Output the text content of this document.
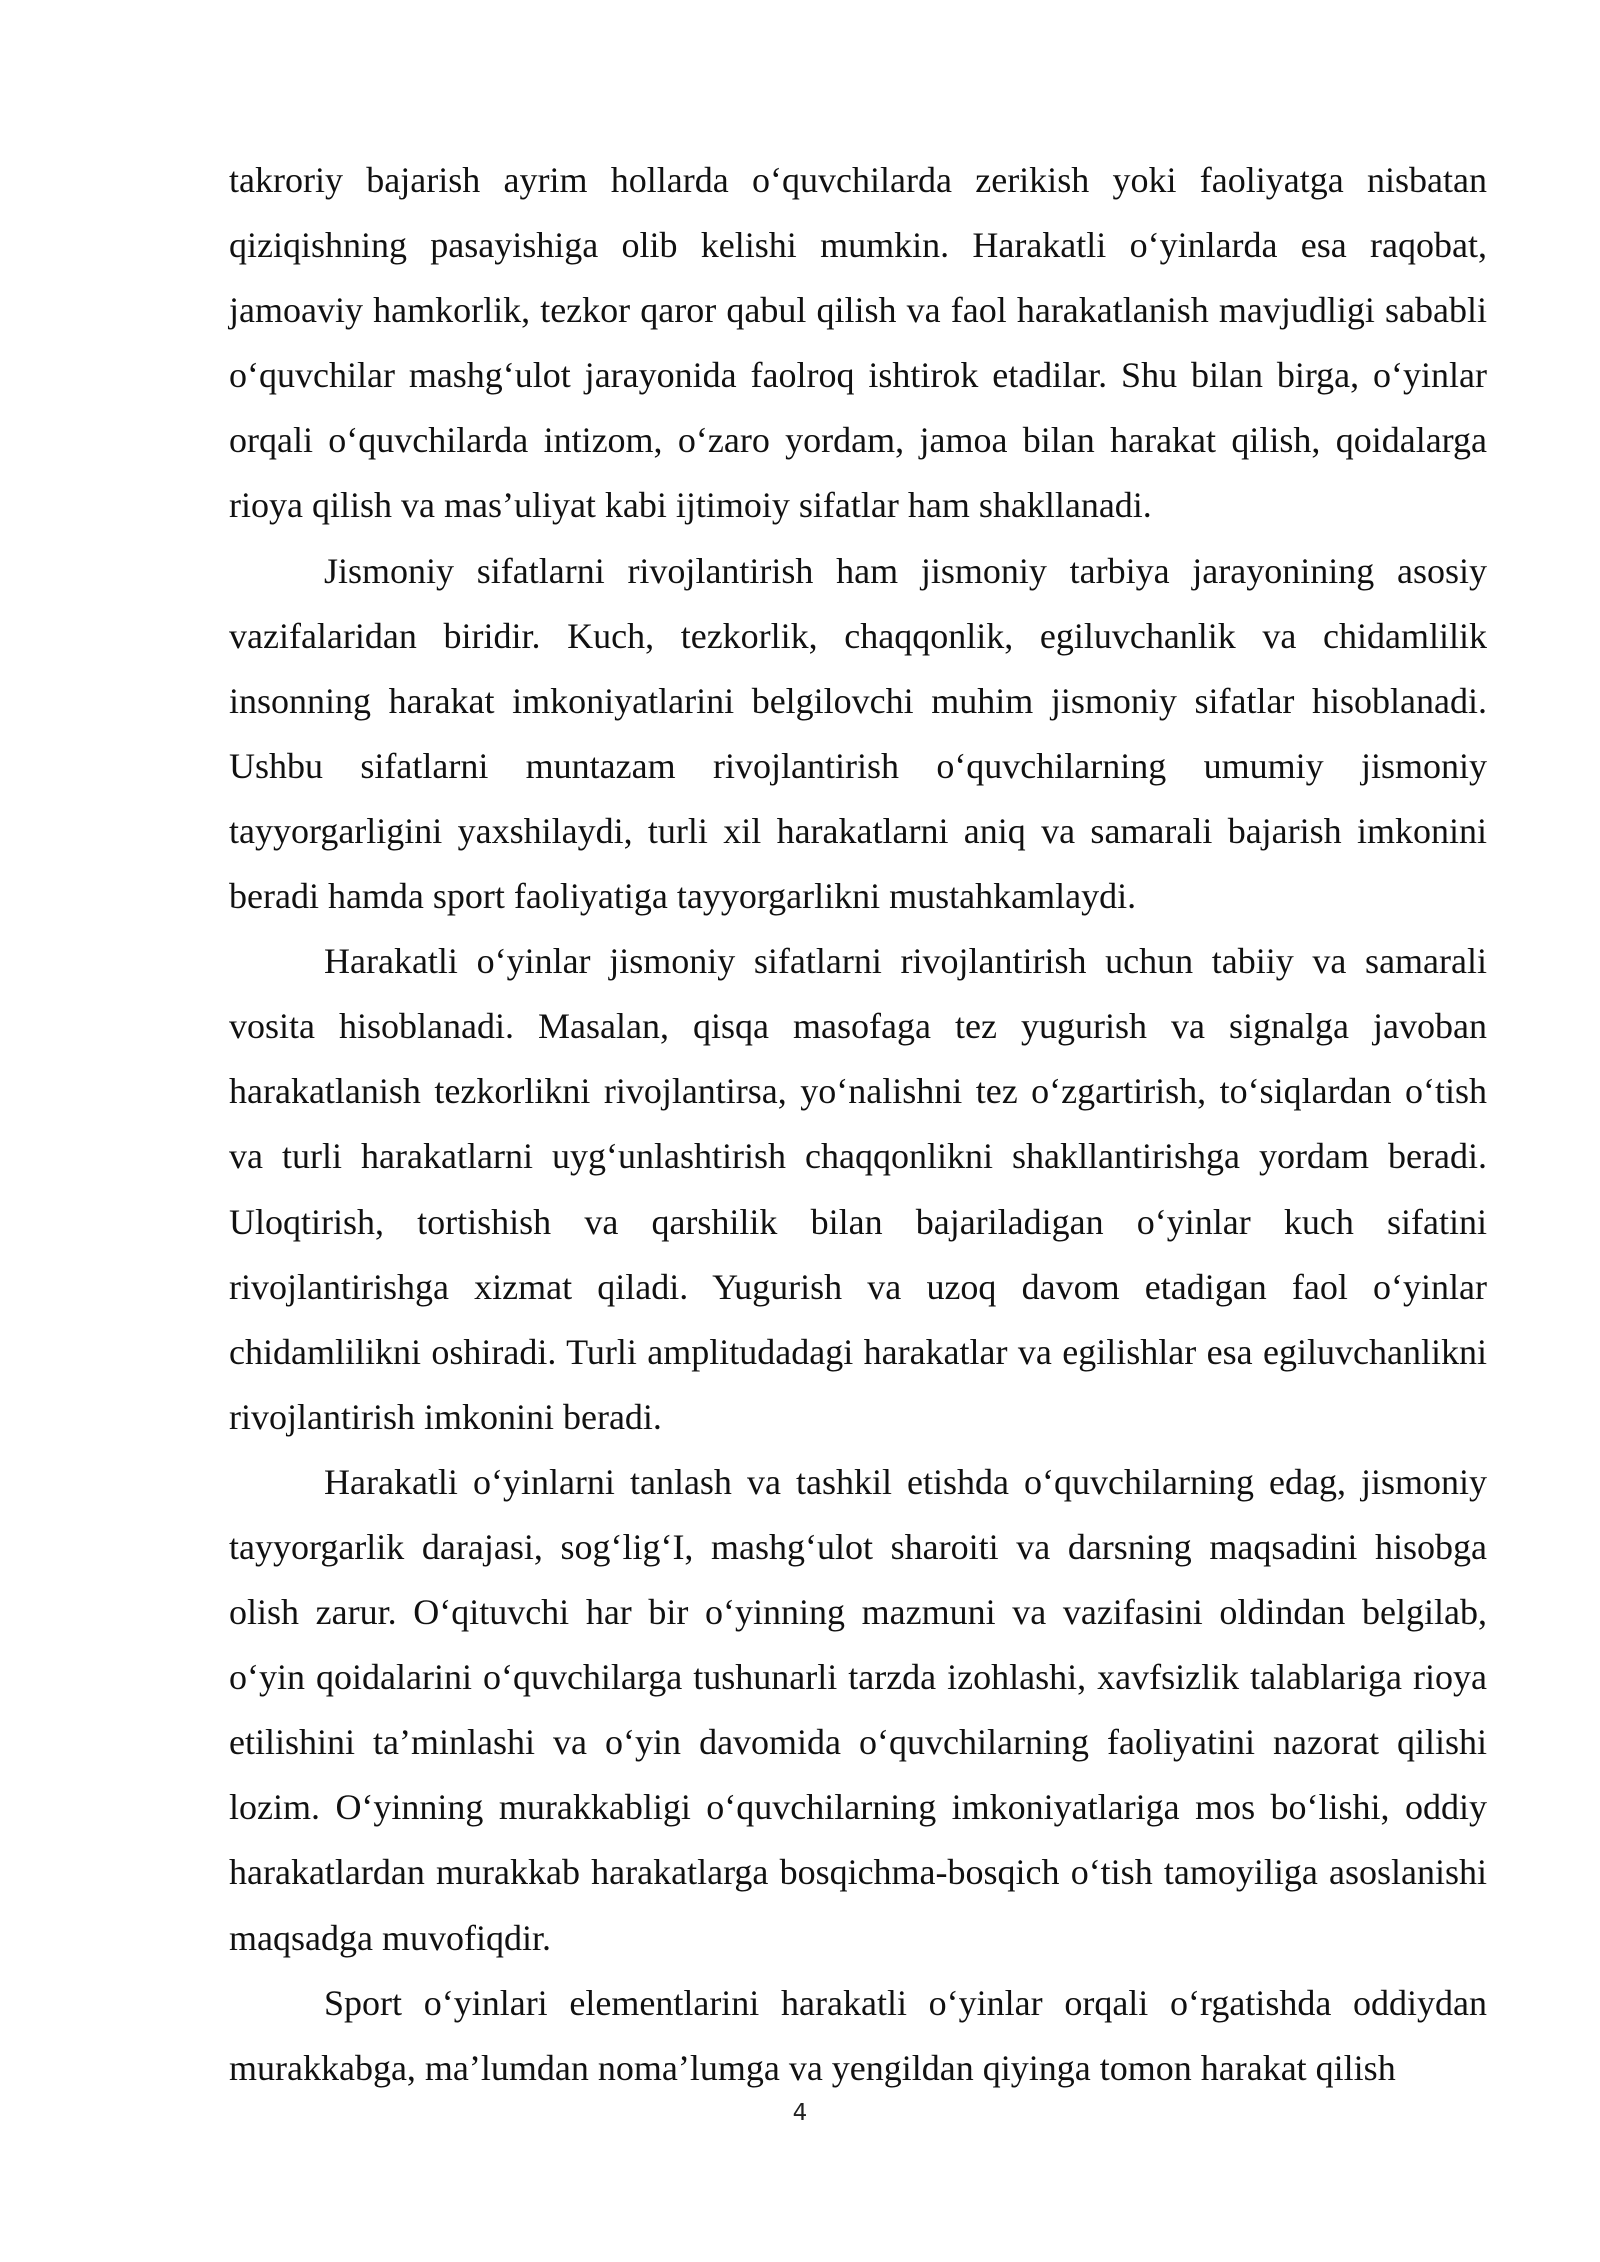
takroriy bajarish ayrim hollarda o‘quvchilarda zerikish yoki faoliyatga nisbatan qiziqishning pasayishiga olib kelishi mumkin. Harakatli o‘yinlarda esa raqobat, jamoaviy hamkorlik, tezkor qaror qabul qilish va faol harakatlanish mavjudligi sababli o‘quvchilar mashg‘ulot jarayonida faolroq ishtirok etadilar. Shu bilan birga, o‘yinlar orqali o‘quvchilarda intizom, o‘zaro yordam, jamoa bilan harakat qilish, qoidalarga rioya qilish va mas’uliyat kabi ijtimoiy sifatlar ham shakllanadi.

Jismoniy sifatlarni rivojlantirish ham jismoniy tarbiya jarayonining asosiy vazifalaridan biridir. Kuch, tezkorlik, chaqqonlik, egiluvchanlik va chidamlilik insonning harakat imkoniyatlarini belgilovchi muhim jismoniy sifatlar hisoblanadi. Ushbu sifatlarni muntazam rivojlantirish o‘quvchilarning umumiy jismoniy tayyorgarligini yaxshilaydi, turli xil harakatlarni aniq va samarali bajarish imkonini beradi hamda sport faoliyatiga tayyorgarlikni mustahkamlaydi.

Harakatli o‘yinlar jismoniy sifatlarni rivojlantirish uchun tabiiy va samarali vosita hisoblanadi. Masalan, qisqa masofaga tez yugurish va signalga javoban harakatlanish tezkorlikni rivojlantirsa, yo‘nalishni tez o‘zgartirish, to‘siqlardan o‘tish va turli harakatlarni uyg‘unlashtirish chaqqonlikni shakllantirishga yordam beradi. Uloqtirish, tortishish va qarshilik bilan bajariladigan o‘yinlar kuch sifatini rivojlantirishga xizmat qiladi. Yugurish va uzoq davom etadigan faol o‘yinlar chidamlilikni oshiradi. Turli amplitudadagi harakatlar va egilishlar esa egiluvchanlikni rivojlantirish imkonini beradi.

Harakatli o‘yinlarni tanlash va tashkil etishda o‘quvchilarning edag, jismoniy tayyorgarlik darajasi, sog‘lig‘I, mashg‘ulot sharoiti va darsning maqsadini hisobga olish zarur. O‘qituvchi har bir o‘yinning mazmuni va vazifasini oldindan belgilab, o‘yin qoidalarini o‘quvchilarga tushunarli tarzda izohlashi, xavfsizlik talablariga rioya etilishini ta’minlashi va o‘yin davomida o‘quvchilarning faoliyatini nazorat qilishi lozim. O‘yinning murakkabligi o‘quvchilarning imkoniyatlariga mos bo‘lishi, oddiy harakatlardan murakkab harakatlarga bosqichma-bosqich o‘tish tamoyiliga asoslanishi maqsadga muvofiqdir.

Sport o‘yinlari elementlarini harakatli o‘yinlar orqali o‘rgatishda oddiydan murakkabga, ma’lumdan noma’lumga va yengildan qiyinga tomon harakat qilish

4
